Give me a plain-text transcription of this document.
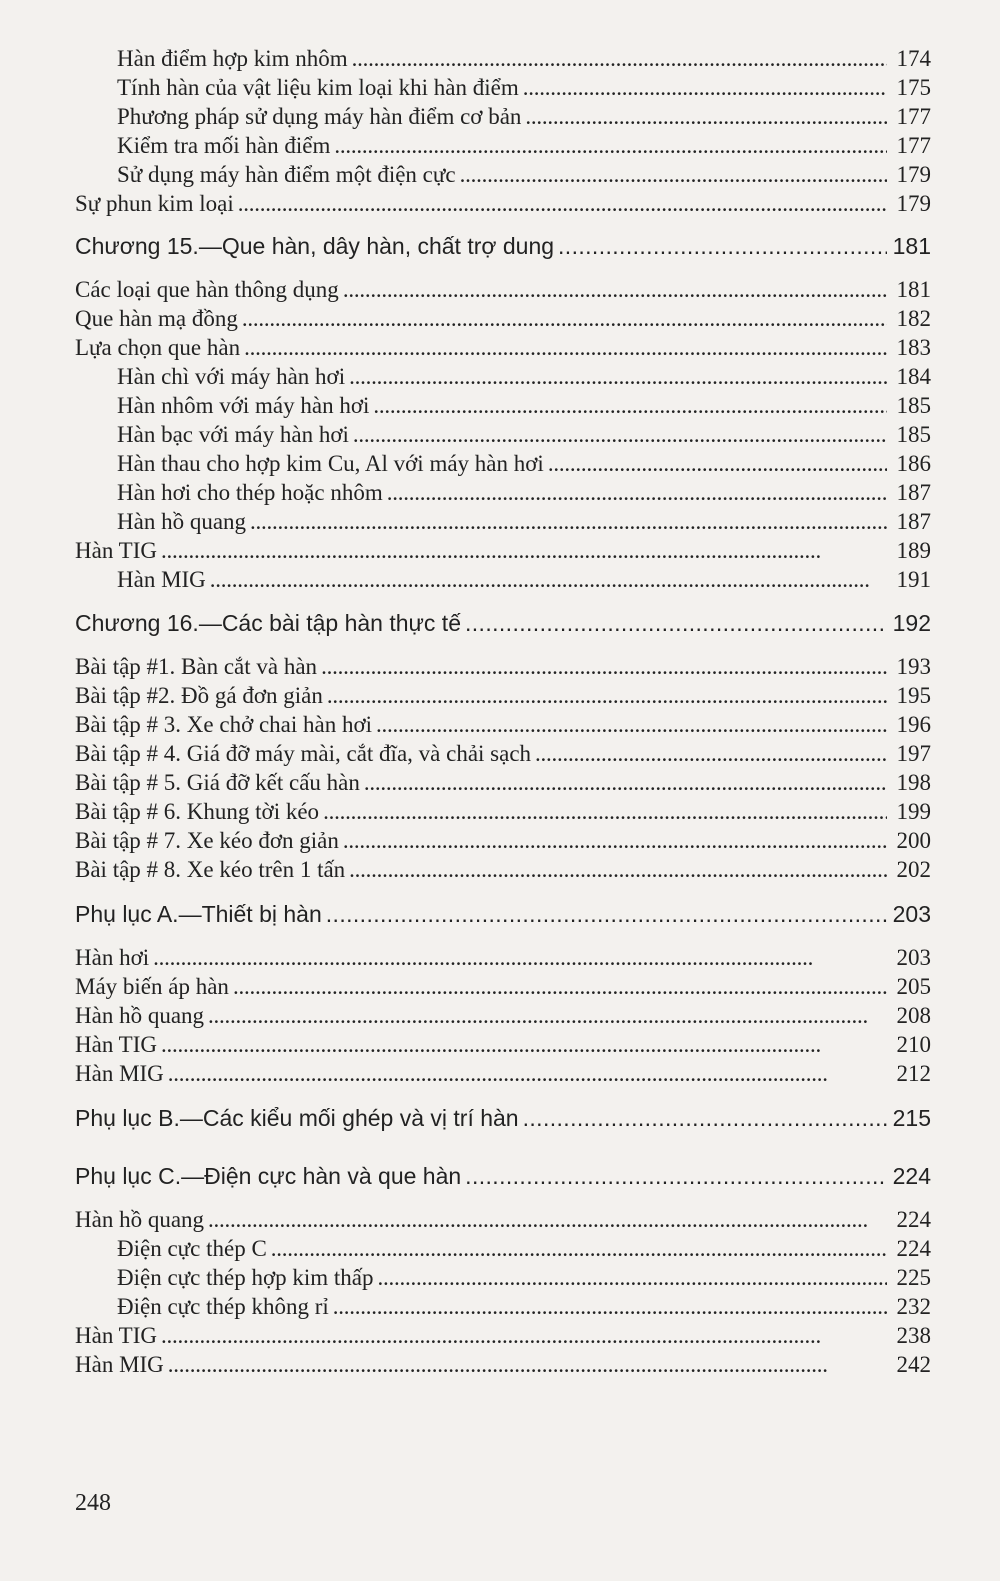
Hàn điểm hợp kim nhôm . . .	174
Tính hàn của vật liệu kim loại khi hàn điểm . . .	175
Phương pháp sử dụng máy hàn điểm cơ bản . . .	177
Kiểm tra mối hàn điểm . . .	177
Sử dụng máy hàn điểm một điện cực . . .	179
Sự phun kim loại . . .	179
Chương 15.—Que hàn, dây hàn, chất trợ dung . . .	181
Các loại que hàn thông dụng . . .	181
Que hàn mạ đồng . . .	182
Lựa chọn que hàn . . .	183
Hàn chì với máy hàn hơi . . .	184
Hàn nhôm với máy hàn hơi . . .	185
Hàn bạc với máy hàn hơi . . .	185
Hàn thau cho hợp kim Cu, Al với máy hàn hơi . . .	186
Hàn hơi cho thép hoặc nhôm . . .	187
Hàn hồ quang . . .	187
Hàn TIG . . .	189
Hàn MIG . . .	191
Chương 16.—Các bài tập hàn thực tế . . .	192
Bài tập #1. Bàn cắt và hàn . . .	193
Bài tập #2. Đồ gá đơn giản . . .	195
Bài tập # 3. Xe chở chai hàn hơi . . .	196
Bài tập # 4. Giá đỡ máy mài, cắt đĩa, và chải sạch . . .	197
Bài tập # 5. Giá đỡ kết cấu hàn . . .	198
Bài tập # 6. Khung tời kéo . . .	199
Bài tập # 7. Xe kéo đơn giản . . .	200
Bài tập # 8. Xe kéo trên 1 tấn . . .	202
Phụ lục A.—Thiết bị hàn . . .	203
Hàn hơi . . .	203
Máy biến áp hàn . . .	205
Hàn hồ quang . . .	208
Hàn TIG . . .	210
Hàn MIG . . .	212
Phụ lục B.—Các kiểu mối ghép và vị trí hàn . . .	215
Phụ lục C.—Điện cực hàn và que hàn . . .	224
Hàn hồ quang . . .	224
Điện cực thép C . . .	224
Điện cực thép hợp kim thấp . . .	225
Điện cực thép không rỉ . . .	232
Hàn TIG . . .	238
Hàn MIG . . .	242
248
